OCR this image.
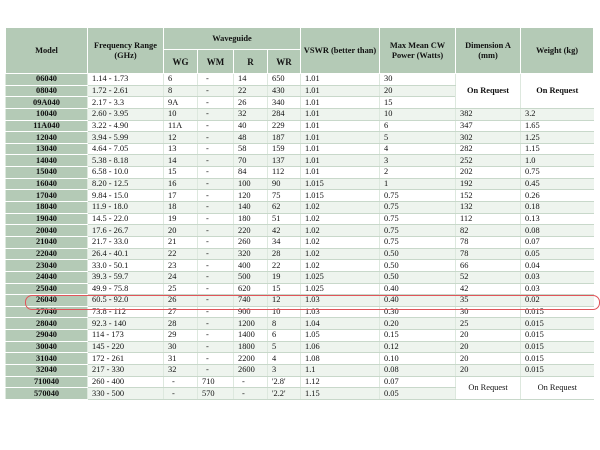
Model	Frequency Range (GHz)	Waveguide				VSWR (better than)	Max Mean CW Power (Watts)	Dimension A (mm)	Weight (kg)
		WG	WM	R	WR				
06040	1.14 - 1.73	6	-	14	650	1.01	30	On Request	On Request
08040	1.72 - 2.61	8	-	22	430	1.01	20		
09A040	2.17 - 3.3	9A	-	26	340	1.01	15		
10040	2.60 - 3.95	10	-	32	284	1.01	10	382	3.2
11A040	3.22 - 4.90	11A	-	40	229	1.01	6	347	1.65
12040	3.94 - 5.99	12	-	48	187	1.01	5	302	1.25
13040	4.64 - 7.05	13	-	58	159	1.01	4	282	1.15
14040	5.38 - 8.18	14	-	70	137	1.01	3	252	1.0
15040	6.58 - 10.0	15	-	84	112	1.01	2	202	0.75
16040	8.20 - 12.5	16	-	100	90	1.015	1	192	0.45
17040	9.84 - 15.0	17	-	120	75	1.015	0.75	152	0.26
18040	11.9 - 18.0	18	-	140	62	1.02	0.75	132	0.18
19040	14.5 - 22.0	19	-	180	51	1.02	0.75	112	0.13
20040	17.6 - 26.7	20	-	220	42	1.02	0.75	82	0.08
21040	21.7 - 33.0	21	-	260	34	1.02	0.75	78	0.07
22040	26.4 - 40.1	22	-	320	28	1.02	0.50	78	0.05
23040	33.0 - 50.1	23	-	400	22	1.02	0.50	66	0.04
24040	39.3 - 59.7	24	-	500	19	1.025	0.50	52	0.03
25040	49.9 - 75.8	25	-	620	15	1.025	0.40	42	0.03
26040	60.5 - 92.0	26	-	740	12	1.03	0.40	35	0.02
27040	73.8 - 112	27	-	900	10	1.03	0.30	30	0.015
28040	92.3 - 140	28	-	1200	8	1.04	0.20	25	0.015
29040	114 - 173	29	-	1400	6	1.05	0.15	20	0.015
30040	145 - 220	30	-	1800	5	1.06	0.12	20	0.015
31040	172 - 261	31	-	2200	4	1.08	0.10	20	0.015
32040	217 - 330	32	-	2600	3	1.1	0.08	20	0.015
710040	260 - 400	-	710	-	'2.8'	1.12	0.07	On Request	On Request
570040	330 - 500	-	570	-	'2.2'	1.15	0.05		
